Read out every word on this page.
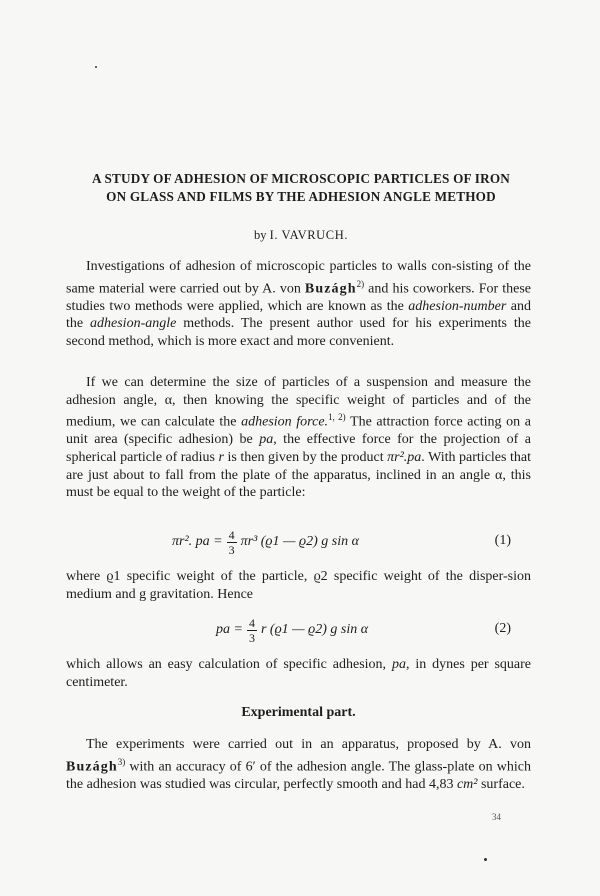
A STUDY OF ADHESION OF MICROSCOPIC PARTICLES OF IRON
ON GLASS AND FILMS BY THE ADHESION ANGLE METHOD
by I. VAVRUCH.

Investigations of adhesion of microscopic particles to walls con-sisting of the same material were carried out by A. von Buzágh$^{2)}$ and his coworkers. For these studies two methods were applied, which are known as the adhesion-number and the adhesion-angle methods. The present author used for his experiments the second method, which is more exact and more convenient.

If we can determine the size of particles of a suspension and measure the adhesion angle, α, then knowing the specific weight of particles and of the medium, we can calculate the adhesion force.$^{1, 2)}$ The attraction force acting on a unit area (specific adhesion) be pa, the effective force for the projection of a spherical particle of radius r is then given by the product πr².pa. With particles that are just about to fall from the plate of the apparatus, inclined in an angle α, this must be equal to the weight of the particle:

πr². pa = $\frac{4}{3} \pi r^3$ (ϱ1 — ϱ2) g sin α	(1)

where ϱ1 specific weight of the particle, ϱ2 specific weight of the disper-sion medium and g gravitation. Hence

pa = $\frac{4}{3}$ r (ϱ1 — ϱ2) g sin α	(2)

which allows an easy calculation of specific adhesion, pa, in dynes per square centimeter.

Experimental part.

The experiments were carried out in an apparatus, proposed by A. von Buzágh$^{3)}$ with an accuracy of 6′ of the adhesion angle. The glass-plate on which the adhesion was studied was circular, perfectly smooth and had 4,83 cm² surface.

34
